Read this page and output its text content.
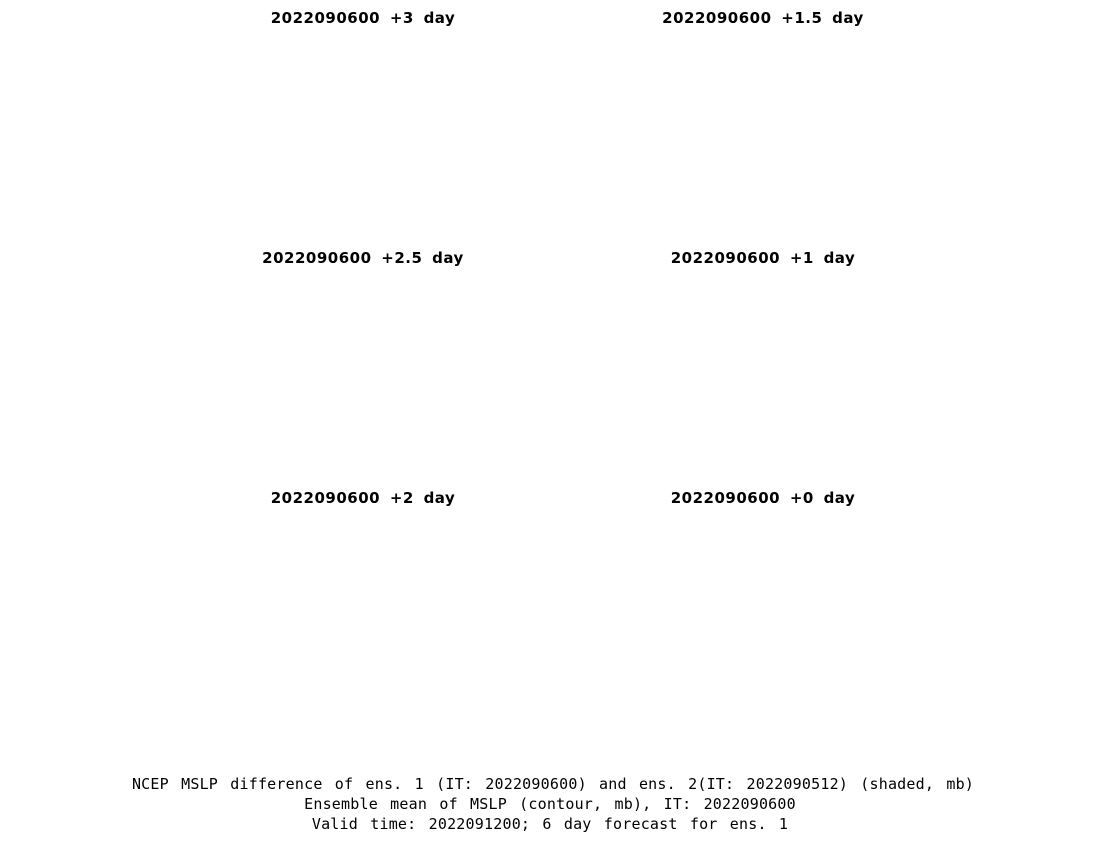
2022090600 +3 day	2022090600 +1.5 day
2022090600 +2.5 day	2022090600 +1 day
2022090600 +2 day	2022090600 +0 day
NCEP MSLP difference of ens. 1 (IT: 2022090600) and ens. 2(IT: 2022090512) (shaded, mb)
Ensemble mean of MSLP (contour, mb), IT: 2022090600
Valid time: 2022091200; 6 day forecast for ens. 1
